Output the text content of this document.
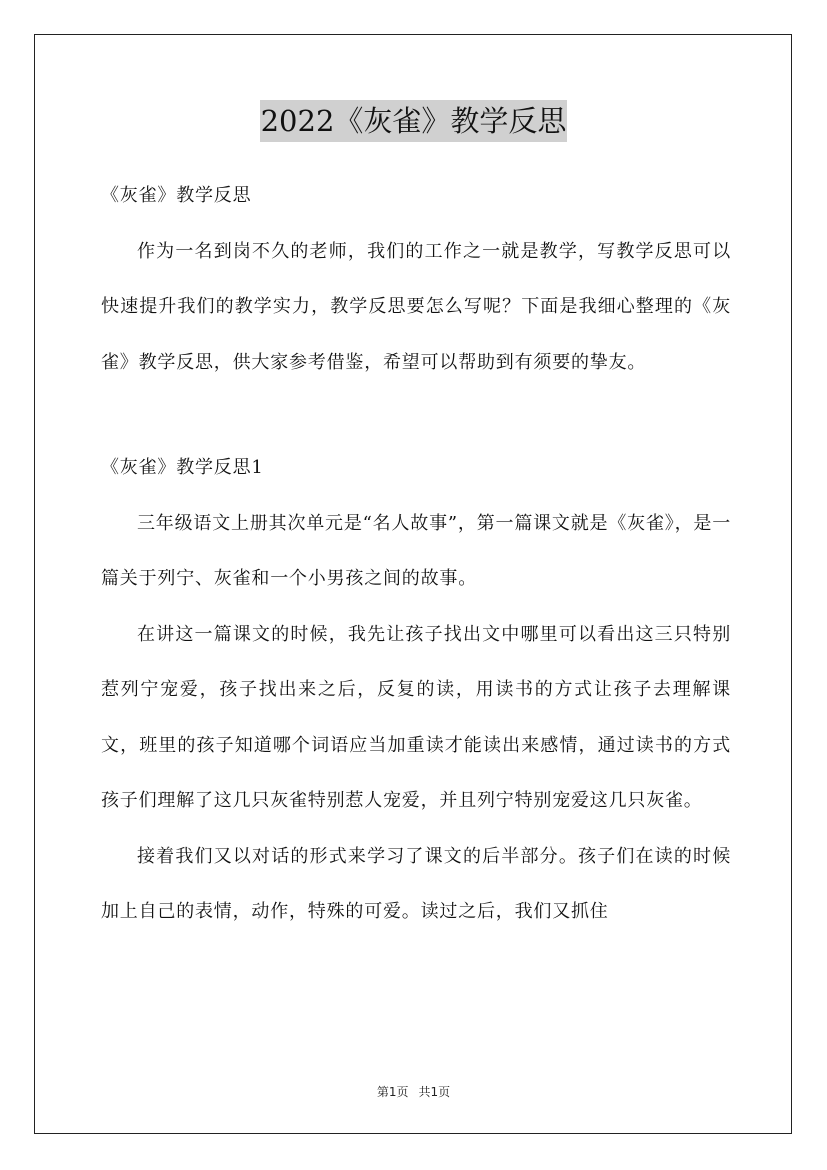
2022《灰雀》教学反思

《灰雀》教学反思

作为一名到岗不久的老师，我们的工作之一就是教学，写教学反思可以快速提升我们的教学实力，教学反思要怎么写呢？下面是我细心整理的《灰雀》教学反思，供大家参考借鉴，希望可以帮助到有须要的挚友。

《灰雀》教学反思1

三年级语文上册其次单元是“名人故事”，第一篇课文就是《灰雀》，是一篇关于列宁、灰雀和一个小男孩之间的故事。

在讲这一篇课文的时候，我先让孩子找出文中哪里可以看出这三只特别惹列宁宠爱，孩子找出来之后，反复的读，用读书的方式让孩子去理解课文，班里的孩子知道哪个词语应当加重读才能读出来感情，通过读书的方式孩子们理解了这几只灰雀特别惹人宠爱，并且列宁特别宠爱这几只灰雀。

接着我们又以对话的形式来学习了课文的后半部分。孩子们在读的时候加上自己的表情，动作，特殊的可爱。读过之后，我们又抓住

第1页 共1页
